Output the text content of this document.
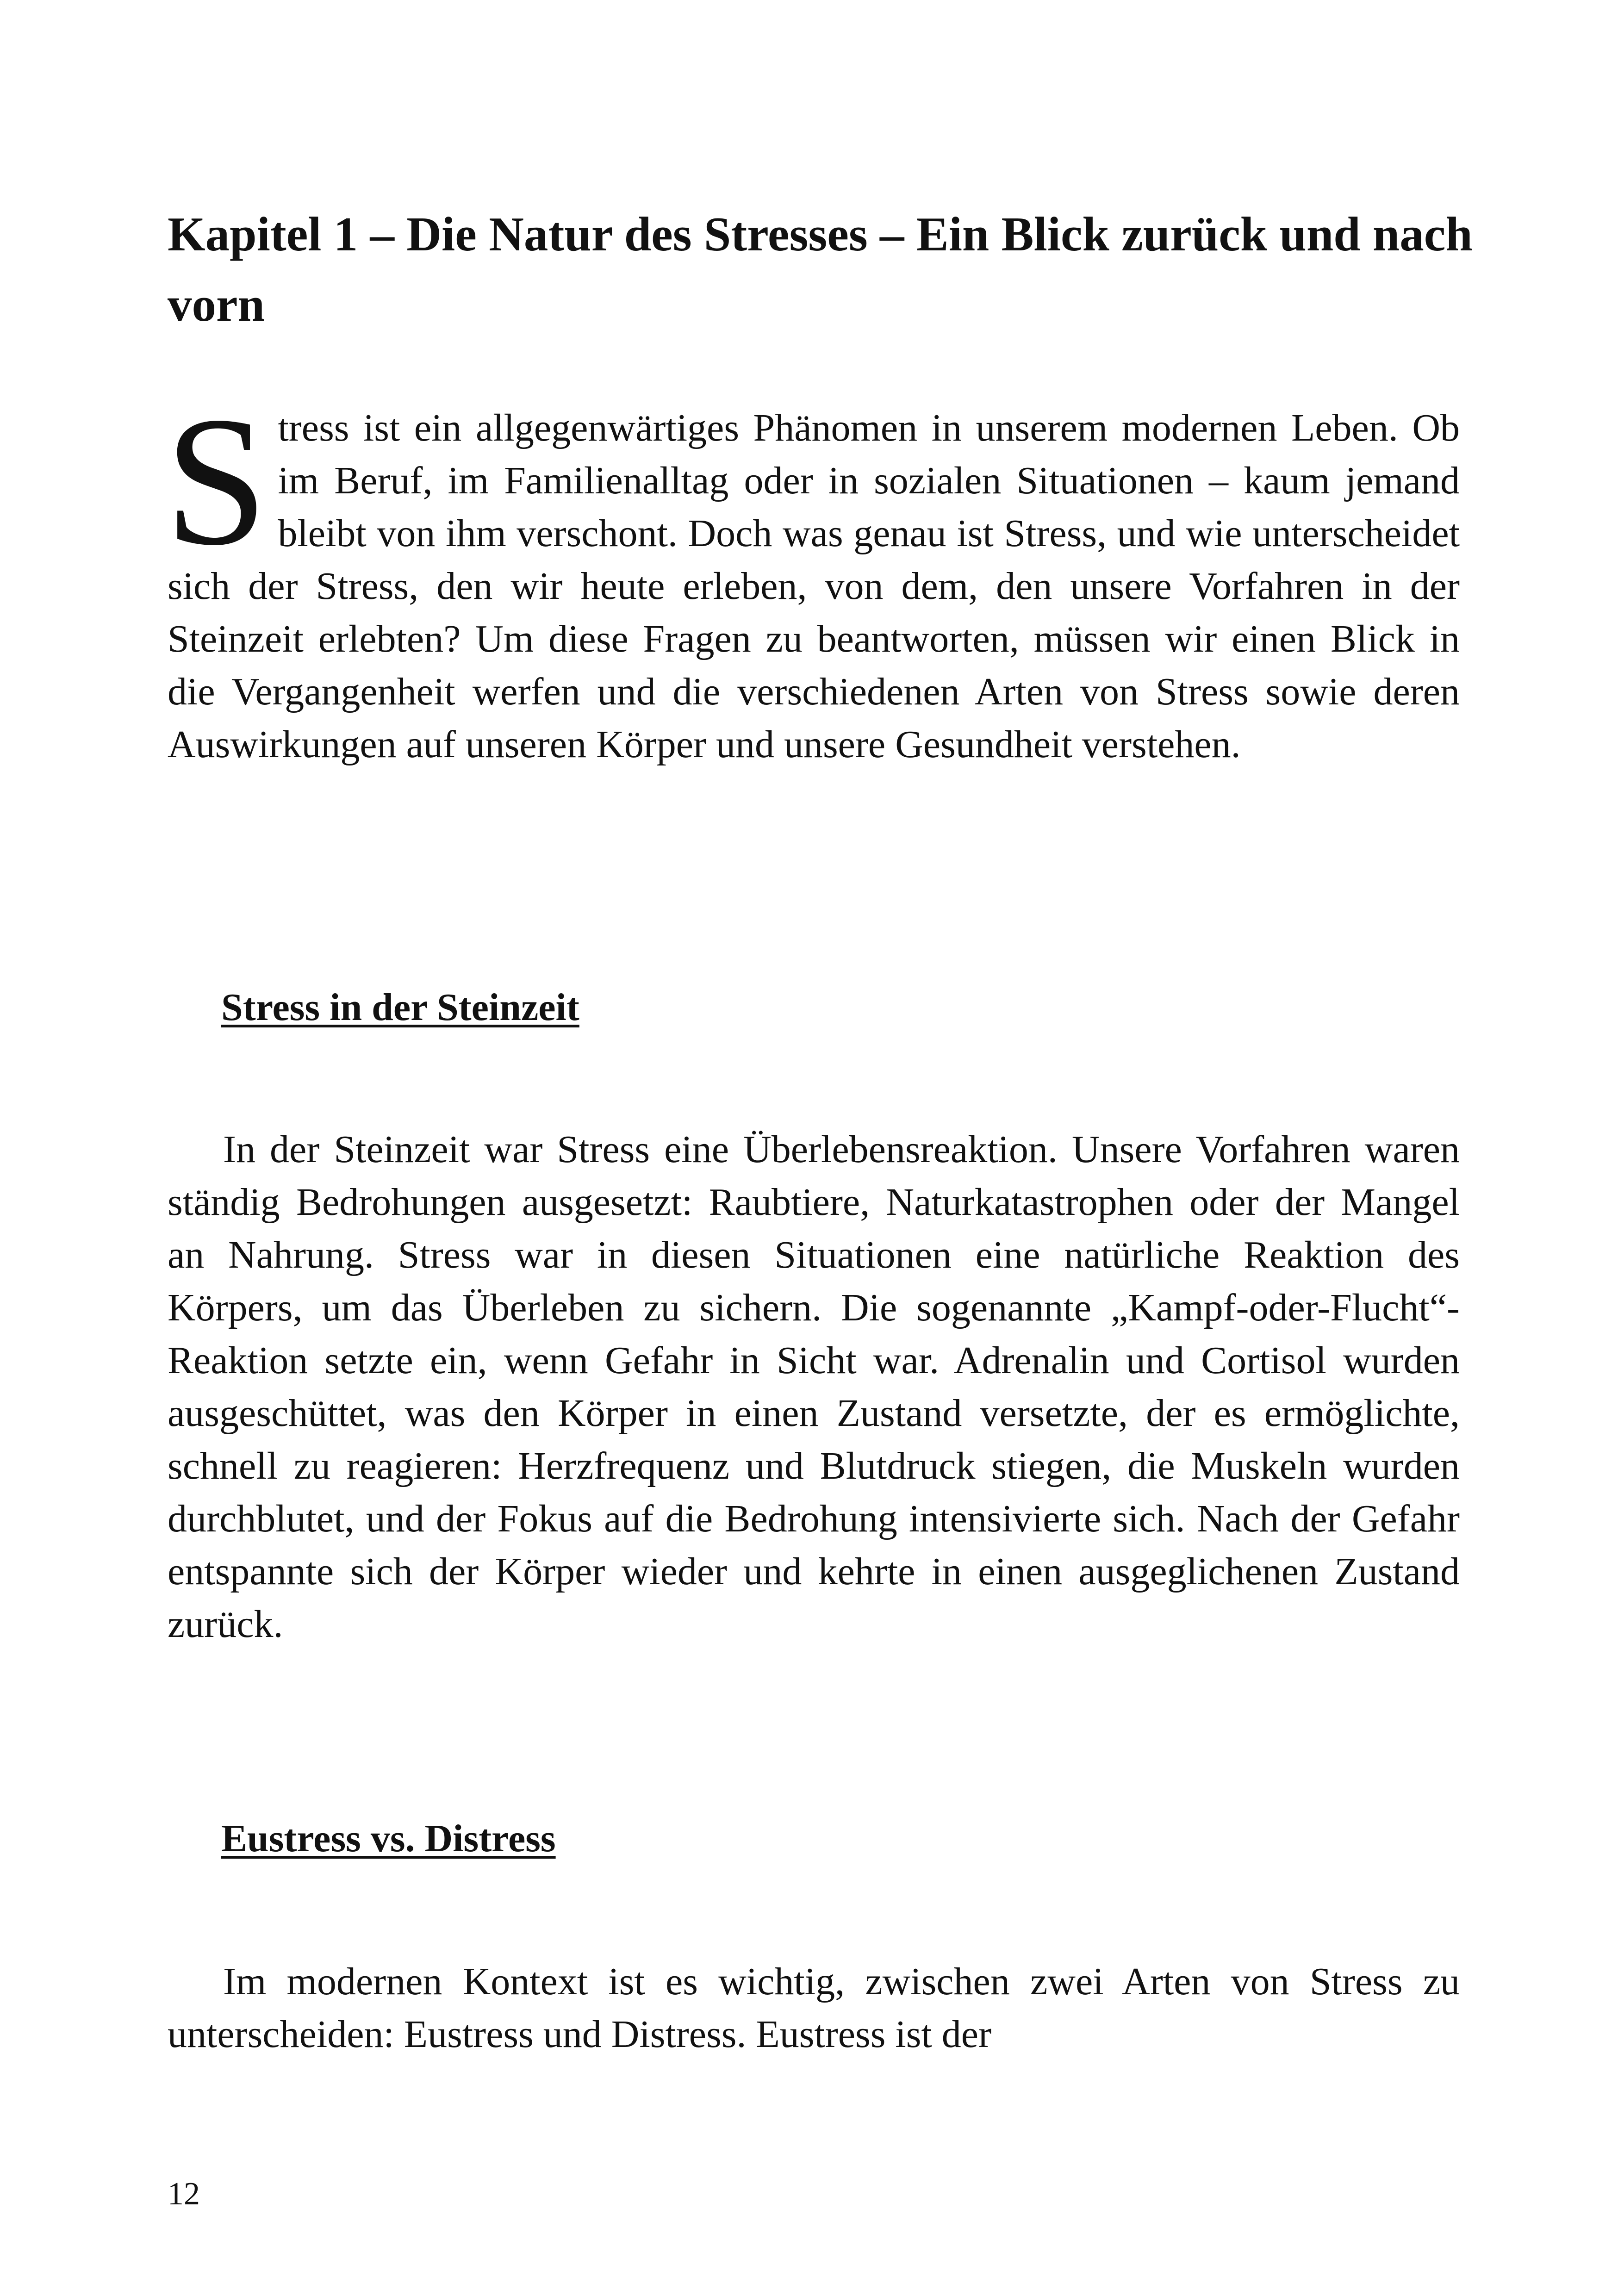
Kapitel 1 – Die Natur des Stresses – Ein Blick zurück und nach vorn

Stress ist ein allgegenwärtiges Phänomen in unserem modernen Leben. Ob im Beruf, im Familienalltag oder in sozialen Situationen – kaum jemand bleibt von ihm verschont. Doch was genau ist Stress, und wie unterscheidet sich der Stress, den wir heute erleben, von dem, den unsere Vorfahren in der Steinzeit erlebten? Um diese Fragen zu beantworten, müssen wir einen Blick in die Vergangenheit werfen und die verschiedenen Arten von Stress sowie deren Auswirkungen auf unseren Körper und unsere Gesundheit verstehen.

Stress in der Steinzeit

In der Steinzeit war Stress eine Überlebensreaktion. Unsere Vorfahren waren ständig Bedrohungen ausgesetzt: Raubtiere, Naturkatastrophen oder der Mangel an Nahrung. Stress war in diesen Situationen eine natürliche Reaktion des Körpers, um das Überleben zu sichern. Die sogenannte „Kampf-oder-Flucht“-Reaktion setzte ein, wenn Gefahr in Sicht war. Adrenalin und Cortisol wurden ausgeschüttet, was den Körper in einen Zustand versetzte, der es ermöglichte, schnell zu reagieren: Herzfrequenz und Blutdruck stiegen, die Muskeln wurden durchblutet, und der Fokus auf die Bedrohung intensivierte sich. Nach der Gefahr entspannte sich der Körper wieder und kehrte in einen ausgeglichenen Zustand zurück.

Eustress vs. Distress

Im modernen Kontext ist es wichtig, zwischen zwei Arten von Stress zu unterscheiden: Eustress und Distress. Eustress ist der

12
